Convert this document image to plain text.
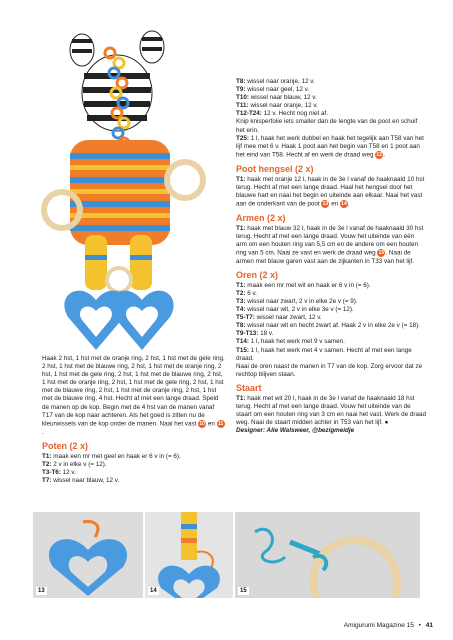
Haak 2 hst, 1 hst met de oranje ring, 2 hst, 1 hst met de gele ring, 2 hst, 1 hst met de blauwe ring, 2 hst, 1 hst met de oranje ring, 2 hst, 1 hst met de gele ring, 2 hst, 1 hst met de blauwe ring, 2 hst, 1 hst met de oranje ring, 2 hst, 1 hst met de gele ring, 2 hst, 1 hst met de blauwe ring, 2 hst, 1 hst met de oranje ring, 2 hst, 1 hst met de blauwe ring, 4 hst. Hecht af met een lange draad. Speld de manen op de kop. Begin met de 4 hst van de manen vanaf T17 van de kop naar achteren. Als het goed is zitten nu de kleurwissels van de kop onder de manen. Naai het vast 10 en 11.

Poten (2 x)

T1: maak een mr met geel en haak er 6 v in (= 6).

T2: 2 v in elke v (= 12).

T3-T6: 12 v.

T7: wissel naar blauw, 12 v.

T8: wissel naar oranje, 12 v.

T9: wissel naar geel, 12 v.

T10: wissel naar blauw, 12 v.

T11: wissel naar oranje, 12 v.

T12-T24: 12 v. Hecht nog niet af.

Knip knisperfolie iets smaller dan de lengte van de poot en schuif het erin.

T25: 1 l, haak het werk dubbel en haak het tegelijk aan T58 van het lijf mee met 6 v. Haak 1 poot aan het begin van T58 en 1 poot aan het eind van T58. Hecht af en werk de draad weg 12.

Poot hengsel (2 x)

T1: haak met oranje 12 l, haak in de 3e l vanaf de haaknaald 10 hst terug. Hecht af met een lange draad. Haal het hengsel door het blauwe hart en naai het begin en uiteinde aan elkaar. Naai het vast aan de onderkant van de poot 13 en 14.

Armen (2 x)

T1: haak met blauw 32 l, haak in de 3e l vanaf de haaknaald 30 hst terug. Hecht af met een lange draad. Vouw het uiteinde van één arm om een houten ring van 5,5 cm en de andere om een houten ring van 5 cm. Naai ze vast en werk de draad weg 15. Naai de armen met blauw garen vast aan de zijkanten in T33 van het lijf.

Oren (2 x)

T1: maak een mr met wit en haak er 6 v in (= 6).

T2: 6 v.

T3: wissel naar zwart, 2 v in elke 2e v (= 9).

T4: wissel naar wit, 2 v in elke 3e v (= 12).

T5-T7: wissel naar zwart, 12 v.

T8: wissel naar wit en hecht zwart af. Haak 2 v in elke 2e v (= 18).

T9-T13: 18 v.

T14: 1 l, haak het werk met 9 v samen.

T15: 1 l, haak het werk met 4 v samen. Hecht af met een lange draad.

Naai de oren naast de manen in T7 van de kop. Zorg ervoor dat ze rechtop blijven staan.

Staart

T1: haak met wit 20 l, haak in de 3e l vanaf de haaknaald 18 hst terug. Hecht af met een lange draad. Vouw het uiteinde van de staart om een houten ring van 3 cm en naai het vast. Werk de draad weg. Naai de staart midden achter in T53 van het lijf. ●

Designer: Alie Walsweer, @bezigmeidje

13	14	15
Amigurumi Magazine 15 • 41
